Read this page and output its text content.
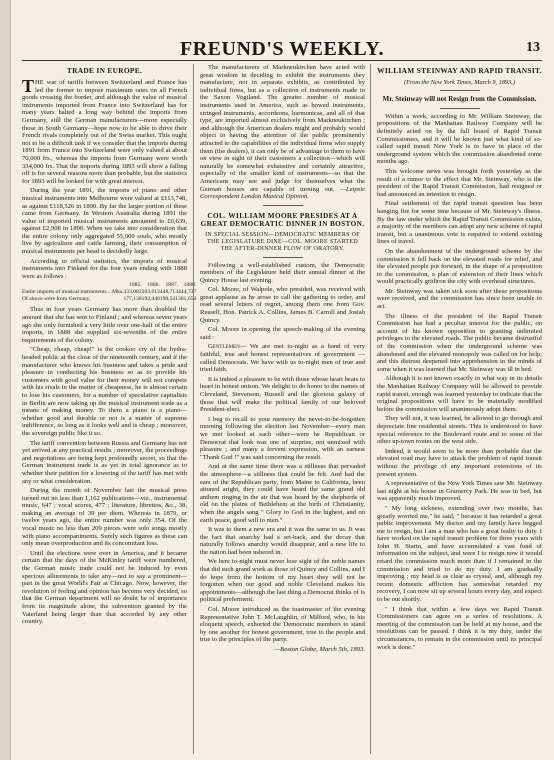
FREUND'S WEEKLY.	13
TRADE IN EUROPE.

THE war of tariffs between Switzerland and France has led the former to impose maximum rates on all French goods crossing the border, and although the value of musical instruments imported from France into Switzerland has for many years halted a long way behind the imports from Germany, still the German manufacturers—more especially those in South Germany—hope now to be able to drive their French rivals completely out of the Swiss market. This ought not to be a difficult task if we consider that the imports during 1891 from France into Switzerland were only valued at about 70,000 frs., whereas the imports from Germany were worth 334,000 frs. That the imports during 1893 will show a falling off is for several reasons more than probable, but the statistics for 1893 will be looked for with great interest.

During the year 1891, the imports of piano and other musical instruments into Melbourne were valued at £113,748, as against £118,526 in 1890. By far the larger portion of these came from Germany. In Western Australia during 1891 the value of imported musical instruments amounted to £6,639, against £2,908 in 1890. When we take into consideration that the entire colony only aggregated 55,000 souls, who mostly live by agriculture and cattle farming, their consumption of musical instruments per head is decidedly large.

According to official statistics, the imports of musical instruments into Finland for the four years ending with 1888 were as follows :

	1885.	1886.	1887.	1888.
Entire imports of musical instruments ...Mks.	333,082	303,613	448,713	444,737
Of above were from Germany,	177,138	192,440	190,541	381,654

Thus in four years Germany has more than doubled the amount that she has sent to Finland ; and whereas seven years ago she only furnished a very little over one-half of the entire imports, in 1888 she supplied six-sevenths of the entire requirements of the colony.

"Cheap, cheap, cheap!" is the cookoo cry of the hydra-headed public at the close of the nineteenth century, and if the manufacturer who knows his business and takes a pride and pleasure in conducting his business so as to provide his customers with good value for their money will not compete with his rivals in the matter of cheapness, he is almost certain to lose his customers, for a number of speculative capitalists in Berlin are now taking up the musical instrument trade as a means of making money. To them a piano is a piano—whether good and durable or not is a matter of supreme indifference, so long as it looks well and is cheap ; moreover, the sovereign public like it so.

The tariff convention between Russia and Germany has not yet arrived at any practical results ; moreover, the proceedings and negotiations are being kept profoundly secret, so that the German instrument trade is as yet in total ignorance as to whether their petition for a lowering of the tariff has met with any or what consideration.

During the month of November last the musical press turned out no less than 1,162 publications—viz., instrumental music, 647 ; vocal scores, 477 ; literature, librettos, &c., 38, making an average of 39 per diem. Whereas in 1879, or twelve years ago, the entire number was only 354. Of the vocal music no less than 209 pieces were solo songs mostly with piano accompaniments. Surely such figures as these can only mean overproduction and its concomitant loss.

Until the elections were over in America, and it became certain that the days of the McKinley tariff were numbered, the German music trade could not be induced by even specious allurements to take any—not to say a prominent—part in the great World's Fair at Chicago. Now, however, the revolution of feeling and opinion has become very decided, so that the German department will no doubt be of importance from its magnitude alone, the subvention granted by the Vaterland being larger than that accorded by any other country.

The manufacturers of Markneukirchen have acted with great wisdom in deciding to exhibit the instruments they manufacture, not in separate exhibits, as contributed by individual firms, but as a collection of instruments made in the Saxon Vogtland. The greater number of musical instruments used in America, such as bowed instruments, stringed instruments, accordeons, harmonicas, and all of that type, are imported almost exclusively from Markneukirchen ; and although the American dealers might and probably would object to having the attention of the public prominently attracted to the capabilities of the individual firms who supply them (the dealers), it can only be of advantage to them to have on view in sight of their customers a collection—which will naturally be somewhat exhaustive and certainly attractive, especially of the smaller kind of instruments—so that the Americans may see and judge for themselves what the German houses are capable of turning out. —Leipsic Correspondent London Musical Opinion.

COL. WILLIAM MOORE PRESIDES AT A GREAT DEMOCRATIC DINNER IN BOSTON.
IN SPECIAL SESSION—DEMOCRATIC MEMBERS OF THE LEGISLATURE DINE—COL. MOORE STARTED THE AFTER-DINNER FLOW OF ORATORY.

Following a well-established custom, the Democratic members of the Legislature held their annual dinner at the Quincy House last evening.

Col. Moore, of Walpole, who presided, was received with great applause as he arose to call the gathering to order, and read several letters of regret, among them one from Gov. Russell, Hon. Patrick A. Collins, James B. Carroll and Josiah Quincy.

Col. Moore in opening the speech-making of the evening said :

Gentlemen— We are met to-night as a band of very faithful, true and honest representatives of government — called Democrats. We have with us to-night men of true and tried faith.

It is indeed a pleasure to be with those whose heart beats to heart in honest unison. We delight to do honor to the names of Cleveland, Stevenson, Russell and the glorious galaxy of those that will make the political family of our beloved President-elect.

I beg to recall to your memory the never-to-be-forgotten morning following the election last November—every man we met looked at each other—were he Republican or Democrat that look was one of surprise, not unmixed with pleasure ; and many a fervent expression, with an earnest "Thank God !" was said concerning the result.

And at the same time there was a stillness that pervaded the atmosphere—a stillness that could be felt. And had the ears of the Republican party, from Maine to California, been attuned aright, they could have heard the same grand old anthem ringing in the air that was heard by the shepherds of old on the plains of Bethlehem at the birth of Christianity, when the angels sang " Glory to God in the highest, and on earth peace, good will to men."

It was to them a new era and it was the same to us. It was the fact that anarchy had a set-back, and the decay that naturally follows anarchy would disappear, and a new life to the nation had been ushered in.

We here to-night must never lose sight of the noble names that did such grand work as those of Quincy and Collins, and I do hope from the bottom of my heart they will not be forgotten when our good and noble Cleveland makes his appointments—although the last thing a Democrat thinks of is political preferment.

Col. Moore introduced as the toastmaster of the evening Representative John T. McLaughlin, of Milford, who, in his eloquent speech, exhorted the Democratic members to stand by one another for honest government, true to the people and true to the principles of the party.

—Boston Globe, March 5th, 1893.
WILLIAM STEINWAY AND RAPID TRANSIT.
(From the New York Times, March 9, 1893.)
Mr. Steinway will not Resign from the Commission.

Within a week, according to Mr. William Steinway, the propositions of the Manhattan Railway Company will be definitely acted on by the full board of Rapid Transit Commissioners, and it will be known just what kind of so-called rapid transit New York is to have in place of the underground system which the commission abandoned some months ago.

This welcome news was brought forth yesterday as the result of a rumor to the effect that Mr. Steinway, who is the president of the Rapid Transit Commission, had resigned or had announced an intention to resign.

Final settlement of the rapid transit question has been hanging fire for some time because of Mr. Steinway's illness. By the law under which the Rapid Transit Commission exists, a majority of the members can adopt any new scheme of rapid transit, but a unanimous vote is required to extend existing lines of travel.

On the abandonment of the underground scheme by the commission it fell back on the elevated roads for relief, and the elevated people put forward, in the shape of a proposition to the commission, a plan of extension of their lines which would practically gridiron the city with overhead structures.

Mr. Steinway was taken sick soon after these propositions were received, and the commission has since been unable to act.

The illness of the president of the Rapid Transit Commission has had a peculiar interest for the public, on account of his known opposition to granting unlimited privileges to the elevated roads. The public became distrustful of the commission when the underground scheme was abandoned and the elevated monopoly was called on for help, and this distrust deepened into apprehension in the minds of some when it was learned that Mr. Steinway was ill in bed.

Although it is not known exactly in what way in its details the Manhattan Railway Company will be allowed to provide rapid transit, enough was learned yesterday to indicate that the original propositions will have to be materially modified before the commission will unanimously adopt them.

They will not, it was learned, be allowed to go through and depreciate fine residential streets. This is understood to have special reference to the Boulevard route and to some of the other up-town routes on the west side.

Indeed, it would seem to be more than probable that the elevated road may have to attack the problem of rapid transit without the privilege of any important extensions of its present system.

A representative of the New York Times saw Mr. Steinway last night at his house in Gramercy Park. He was in bed, but was apparently much improved.

" My long sickness, extending over two months, has greatly worried me," he said, " because it has retarded a great public improvement. My doctor and my family have begged me to resign, but I am a man who has a great fealty to duty. I have worked on the rapid transit problem for three years with John H. Starin, and have accumulated a vast fund of information on the subject, and were I to resign now it would retard the commission much more than if I remained in the commission and tried to do my duty. I am gradually improving ; my head is as clear as crystal, and, although my recent domestic affliction has somewhat retarded my recovery, I can now sit up several hours every day, and expect to be out shortly.

" I think that within a few days we Rapid Transit Commissioners can agree on a series of resolutions. A meeting of the commission can be held at my house, and the resolutions can be passed. I think it is my duty, under the circumstances, to remain in the commission until its principal work is done."
